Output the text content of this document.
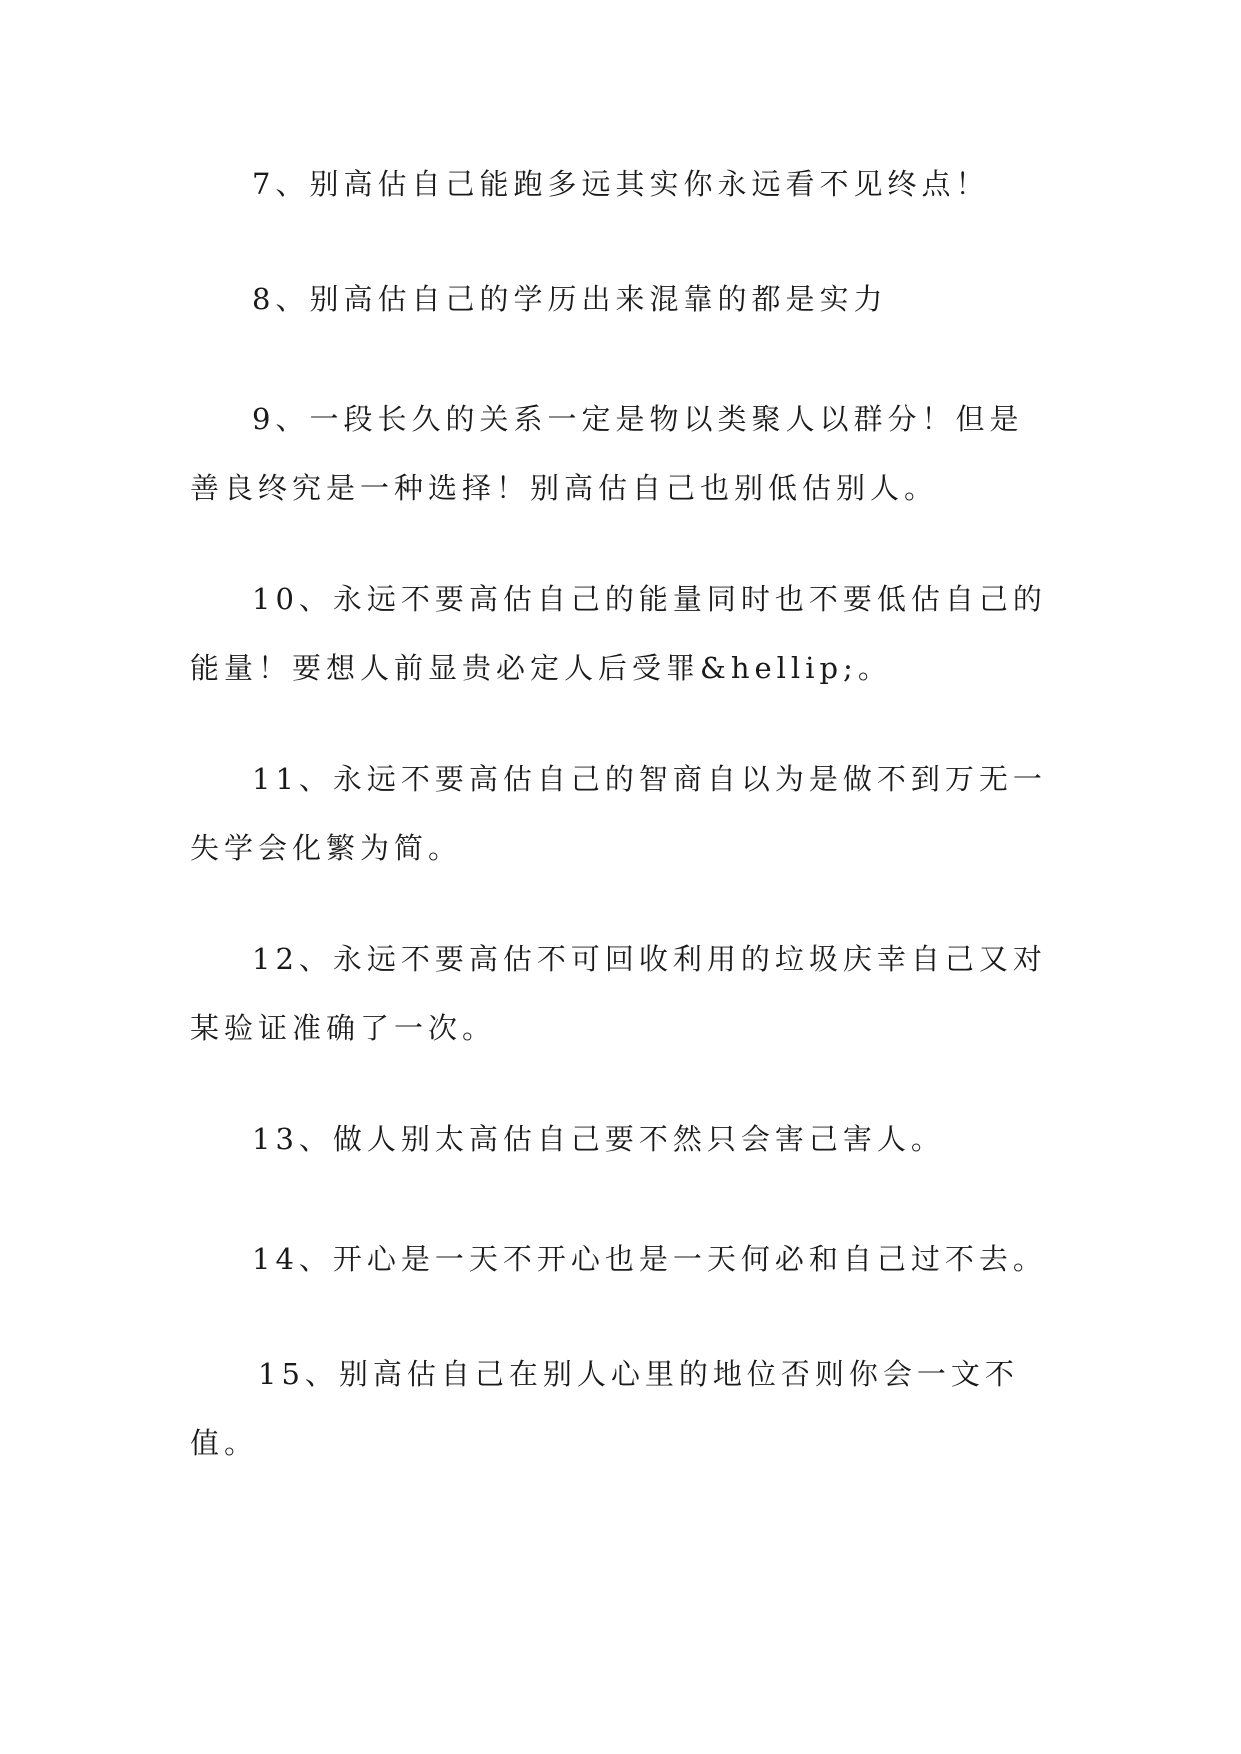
7、别高估自己能跑多远其实你永远看不见终点！

8、别高估自己的学历出来混靠的都是实力

9、一段长久的关系一定是物以类聚人以群分！但是善良终究是一种选择！别高估自己也别低估别人。

10、永远不要高估自己的能量同时也不要低估自己的能量！要想人前显贵必定人后受罪&hellip;。

11、永远不要高估自己的智商自以为是做不到万无一失学会化繁为简。

12、永远不要高估不可回收利用的垃圾庆幸自己又对某验证准确了一次。

13、做人别太高估自己要不然只会害己害人。

14、开心是一天不开心也是一天何必和自己过不去。

15、别高估自己在别人心里的地位否则你会一文不值。
